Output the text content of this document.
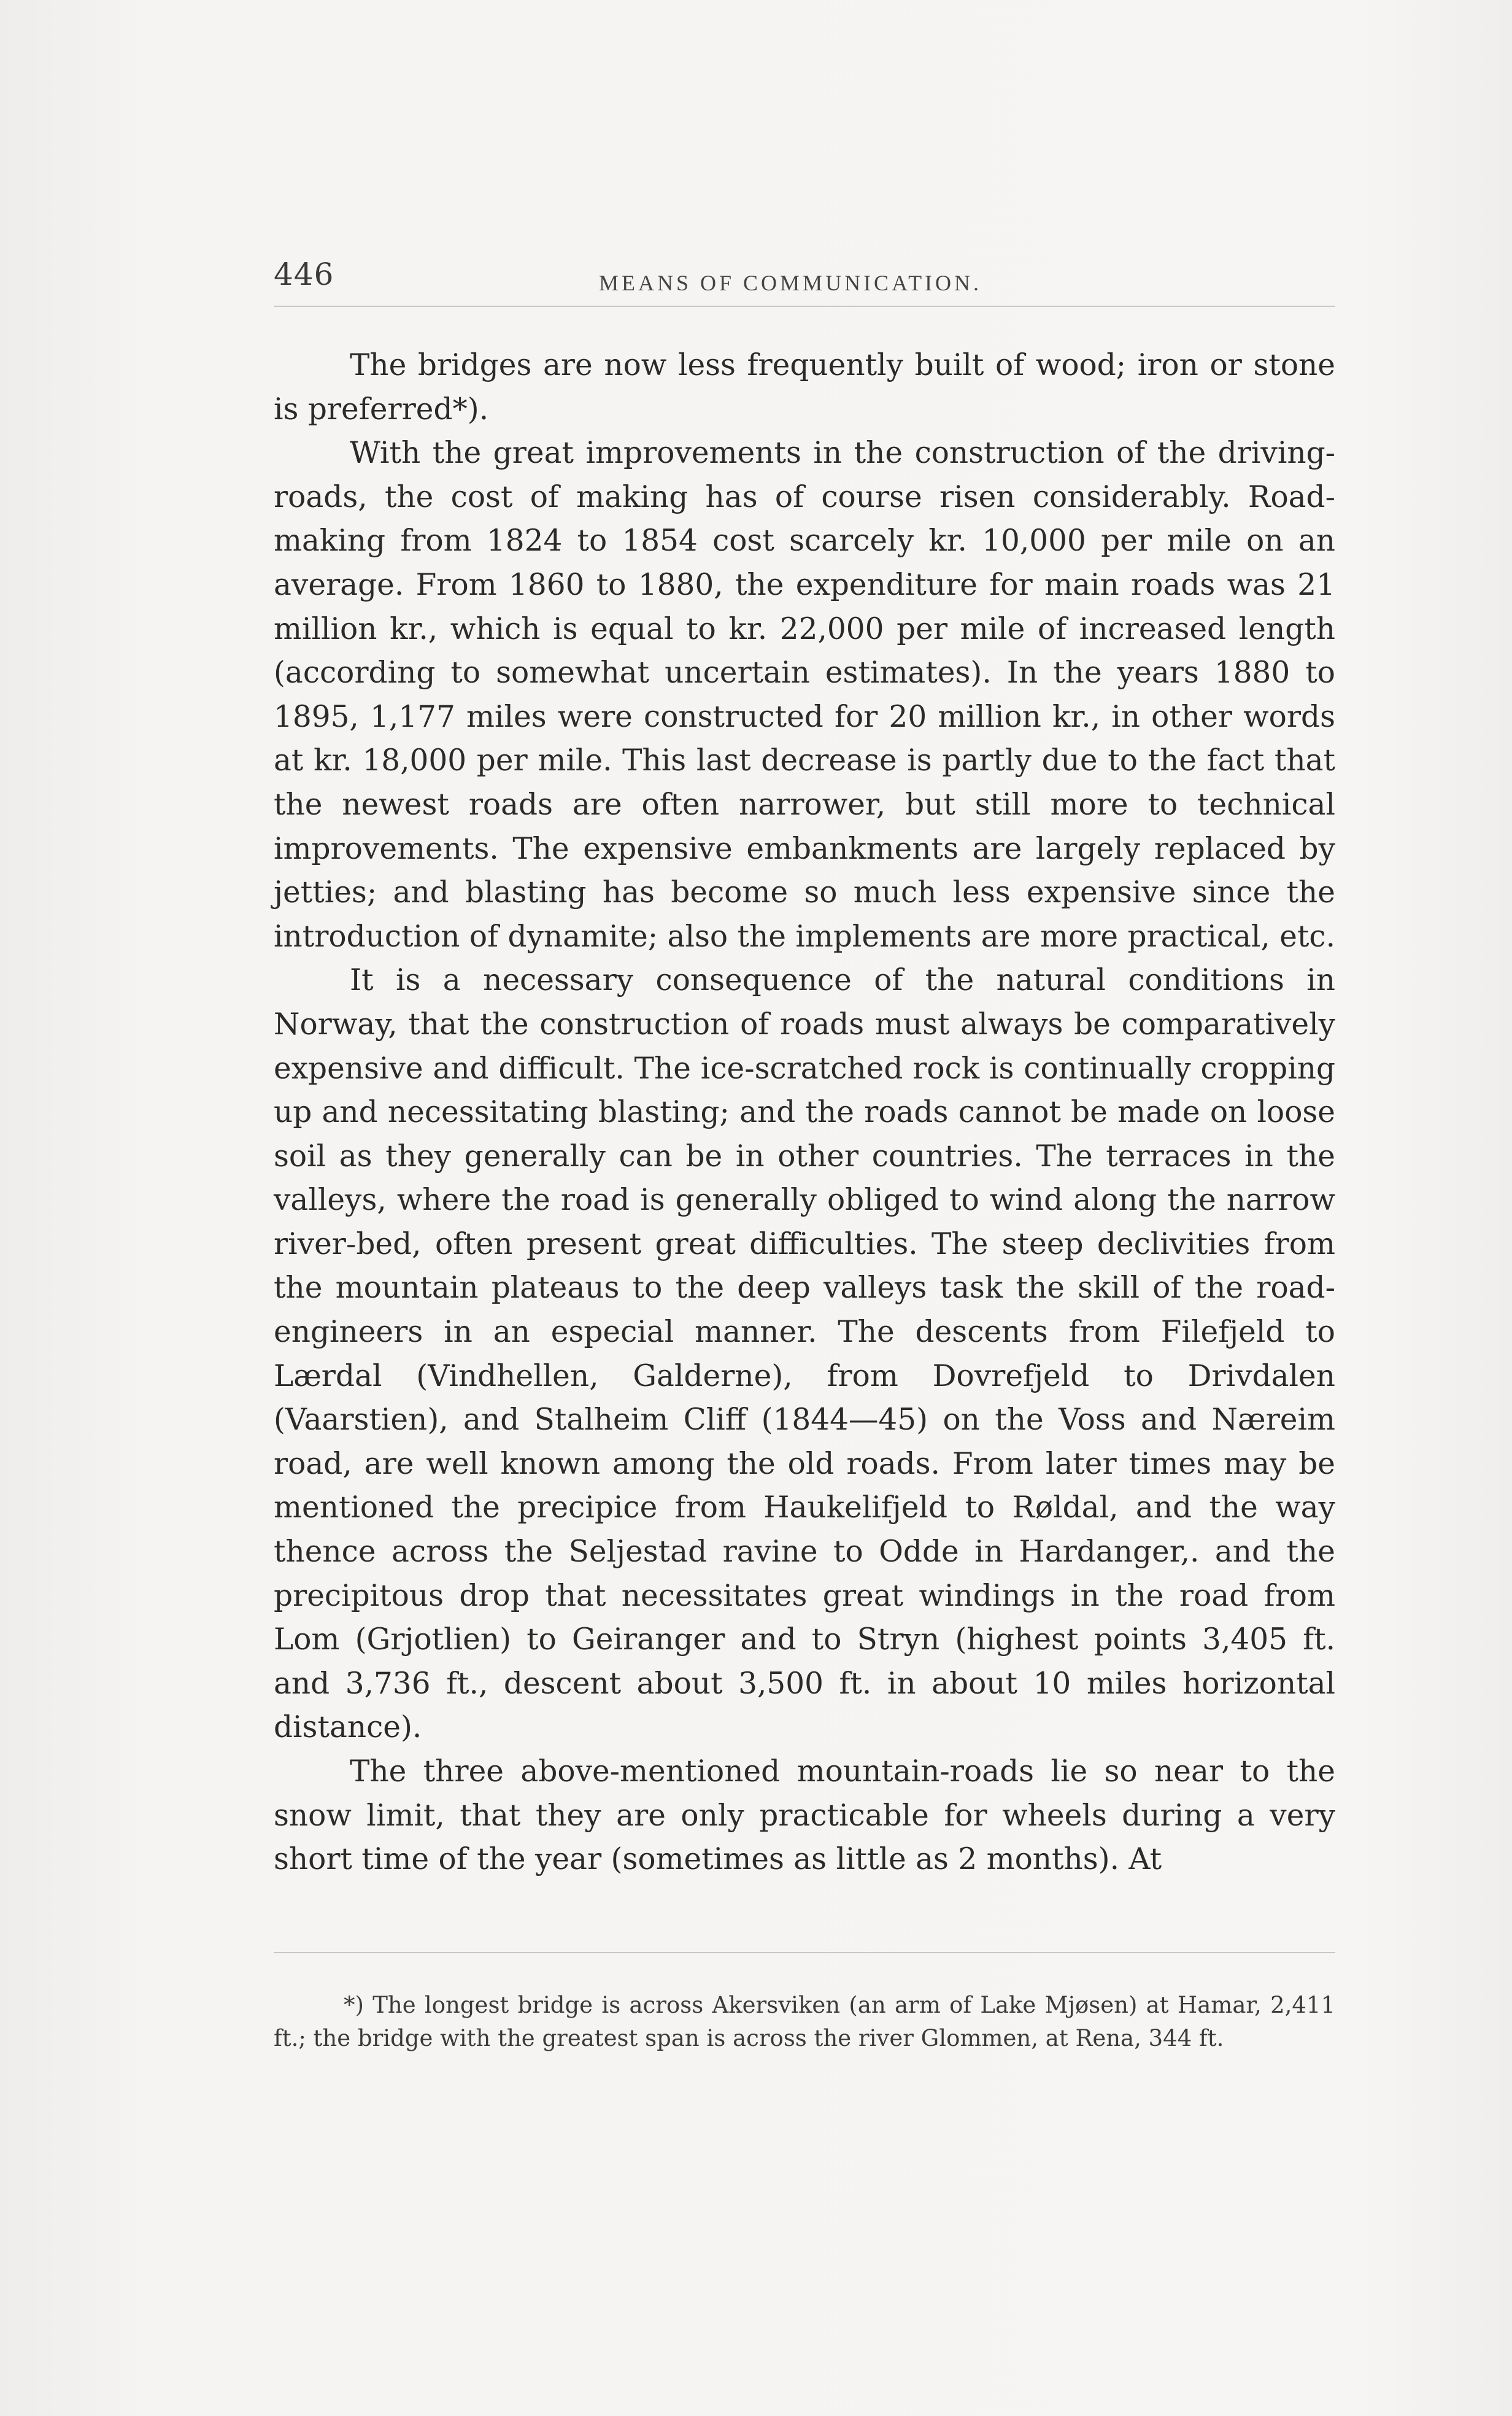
446	MEANS OF COMMUNICATION.

The bridges are now less frequently built of wood; iron or stone is preferred*).

With the great improvements in the construction of the driving-roads, the cost of making has of course risen considerably. Road-making from 1824 to 1854 cost scarcely kr. 10,000 per mile on an average. From 1860 to 1880, the expenditure for main roads was 21 million kr., which is equal to kr. 22,000 per mile of increased length (according to somewhat uncertain estimates). In the years 1880 to 1895, 1,177 miles were constructed for 20 million kr., in other words at kr. 18,000 per mile. This last decrease is partly due to the fact that the newest roads are often narrower, but still more to technical improvements. The expensive embankments are largely replaced by jetties; and blasting has become so much less expensive since the introduction of dynamite; also the implements are more practical, etc.

It is a necessary consequence of the natural conditions in Norway, that the construction of roads must always be comparatively expensive and difficult. The ice-scratched rock is continually cropping up and necessitating blasting; and the roads cannot be made on loose soil as they generally can be in other countries. The terraces in the valleys, where the road is generally obliged to wind along the narrow river-bed, often present great difficulties. The steep declivities from the mountain plateaus to the deep valleys task the skill of the road-engineers in an especial manner. The descents from Filefjeld to Lærdal (Vindhellen, Galderne), from Dovrefjeld to Drivdalen (Vaarstien), and Stalheim Cliff (1844—45) on the Voss and Næreim road, are well known among the old roads. From later times may be mentioned the precipice from Haukelifjeld to Røldal, and the way thence across the Seljestad ravine to Odde in Hardanger,. and the precipitous drop that necessitates great windings in the road from Lom (Grjotlien) to Geiranger and to Stryn (highest points 3,405 ft. and 3,736 ft., descent about 3,500 ft. in about 10 miles horizontal distance).

The three above-mentioned mountain-roads lie so near to the snow limit, that they are only practicable for wheels during a very short time of the year (sometimes as little as 2 months). At

*) The longest bridge is across Akersviken (an arm of Lake Mjøsen) at Hamar, 2,411 ft.; the bridge with the greatest span is across the river Glommen, at Rena, 344 ft.
